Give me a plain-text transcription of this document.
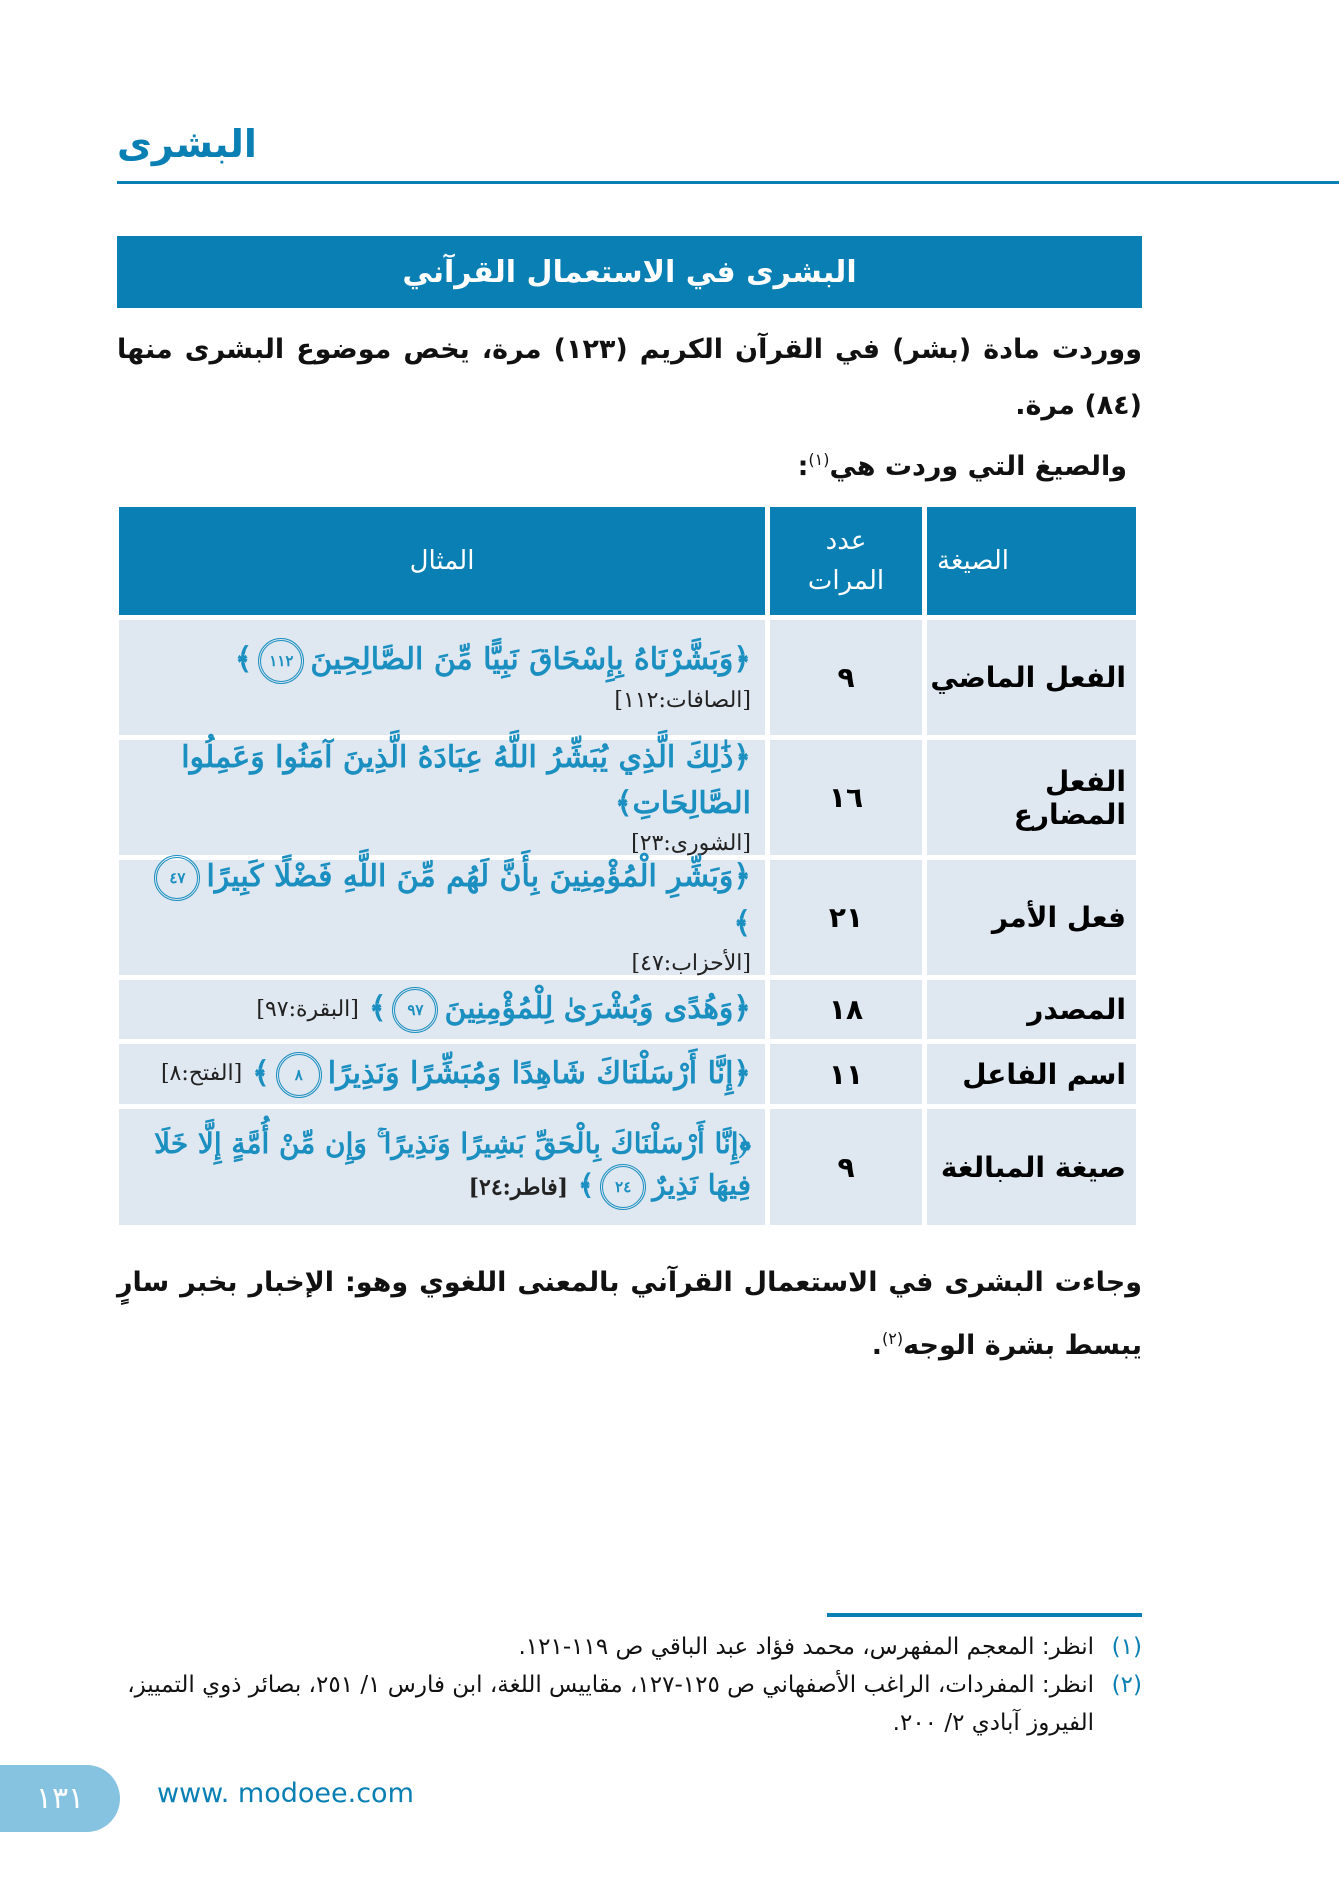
البشرى
البشرى في الاستعمال القرآني
ووردت مادة (بشر) في القرآن الكريم (١٢٣) مرة، يخص موضوع البشرى منها (٨٤) مرة.
والصيغ التي وردت هي$^{(١)}$:
الصيغة
عدد المرات
المثال
الفعل الماضي
٩
﴿وَبَشَّرْنَاهُ بِإِسْحَاقَ نَبِيًّا مِّنَ الصَّالِحِينَ١١٢﴾
[الصافات:١١٢]
الفعل المضارع
١٦
﴿ذَٰلِكَ الَّذِي يُبَشِّرُ اللَّهُ عِبَادَهُ الَّذِينَ آمَنُوا وَعَمِلُوا الصَّالِحَاتِ﴾
[الشورى:٢٣]
فعل الأمر
٢١
﴿وَبَشِّرِ الْمُؤْمِنِينَ بِأَنَّ لَهُم مِّنَ اللَّهِ فَضْلًا كَبِيرًا٤٧﴾
[الأحزاب:٤٧]
المصدر
١٨
﴿وَهُدًى وَبُشْرَىٰ لِلْمُؤْمِنِينَ٩٧﴾
[البقرة:٩٧]
اسم الفاعل
١١
﴿إِنَّا أَرْسَلْنَاكَ شَاهِدًا وَمُبَشِّرًا وَنَذِيرًا٨﴾
[الفتح:٨]
صيغة المبالغة
٩
﴿إِنَّا أَرْسَلْنَاكَ بِالْحَقِّ بَشِيرًا وَنَذِيرًا ۚ وَإِن مِّنْ أُمَّةٍ إِلَّا خَلَا فِيهَا نَذِيرٌ٢٤﴾ [فاطر:٢٤]
وجاءت البشرى في الاستعمال القرآني بالمعنى اللغوي وهو: الإخبار بخبر سارٍ يبسط بشرة الوجه$^{(٢)}$.
(١)
انظر: المعجم المفهرس، محمد فؤاد عبد الباقي ص ١١٩-١٢١.
(٢)
انظر: المفردات، الراغب الأصفهاني ص ١٢٥-١٢٧، مقاييس اللغة، ابن فارس ١/ ٢٥١، بصائر ذوي التمييز، الفيروز آبادي ٢/ ٢٠٠.
١٣١	www. modoee.com
